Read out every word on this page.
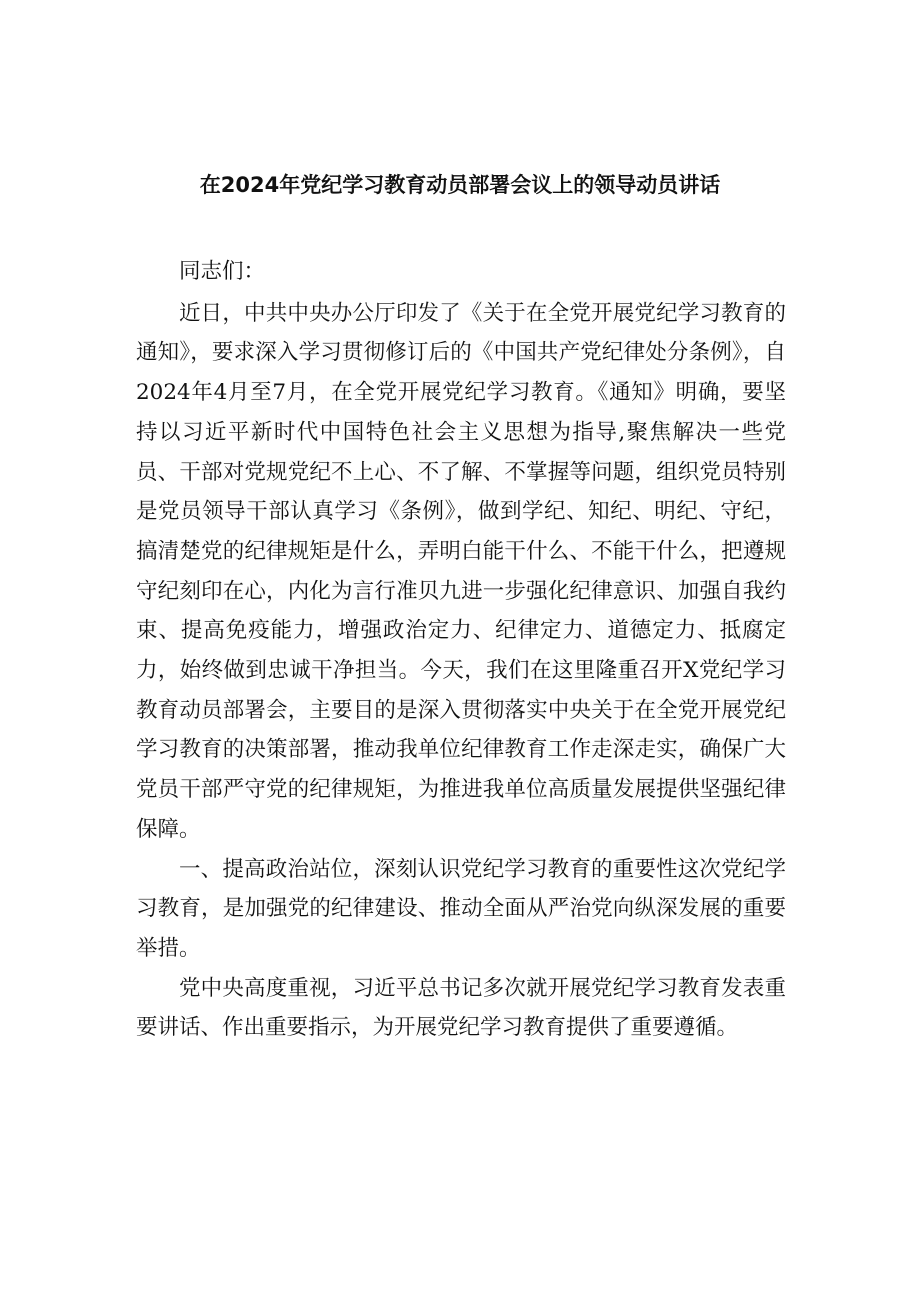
在2024年党纪学习教育动员部署会议上的领导动员讲话

同志们：

近日，中共中央办公厅印发了《关于在全党开展党纪学习教育的通知》，要求深入学习贯彻修订后的《中国共产党纪律处分条例》，自2024年4月至7月，在全党开展党纪学习教育。《通知》明确，要坚持以习近平新时代中国特色社会主义思想为指导,聚焦解决一些党员、干部对党规党纪不上心、不了解、不掌握等问题，组织党员特别是党员领导干部认真学习《条例》，做到学纪、知纪、明纪、守纪，搞清楚党的纪律规矩是什么，弄明白能干什么、不能干什么，把遵规守纪刻印在心，内化为言行准贝九进一步强化纪律意识、加强自我约束、提高免疫能力，增强政治定力、纪律定力、道德定力、抵腐定力，始终做到忠诚干净担当。今天，我们在这里隆重召开X党纪学习教育动员部署会，主要目的是深入贯彻落实中央关于在全党开展党纪学习教育的决策部署，推动我单位纪律教育工作走深走实，确保广大党员干部严守党的纪律规矩，为推进我单位高质量发展提供坚强纪律保障。

一、提高政治站位，深刻认识党纪学习教育的重要性这次党纪学习教育，是加强党的纪律建设、推动全面从严治党向纵深发展的重要举措。

党中央高度重视，习近平总书记多次就开展党纪学习教育发表重要讲话、作出重要指示，为开展党纪学习教育提供了重要遵循。
